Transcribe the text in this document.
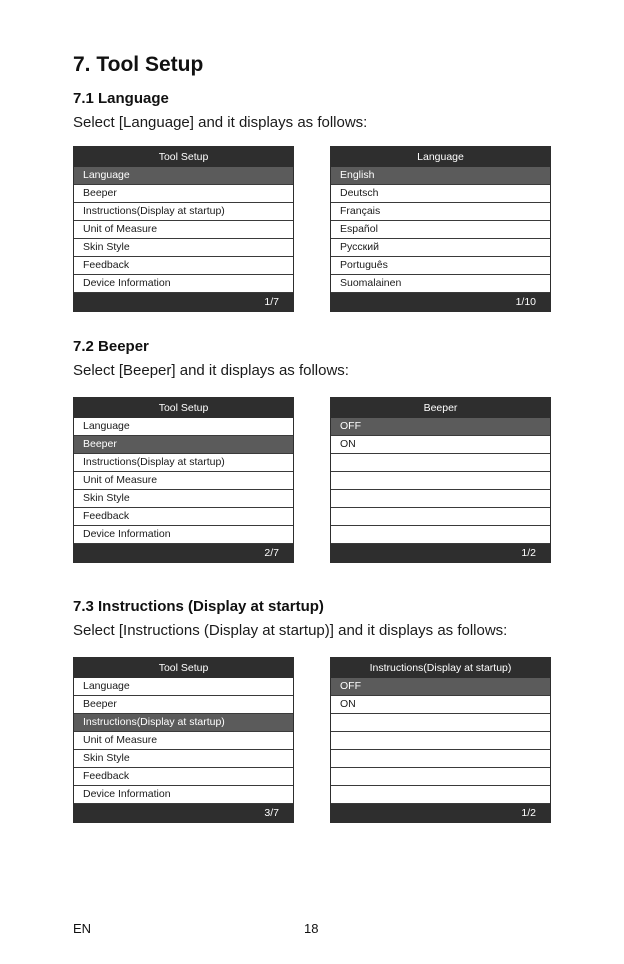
7. Tool Setup
7.1 Language
Select [Language] and it displays as follows:
Tool Setup
Language
Beeper
Instructions(Display at startup)
Unit of Measure
Skin Style
Feedback
Device Information
1/7
Language
English
Deutsch
Français
Español
Русский
Português
Suomalainen
1/10
7.2 Beeper
Select [Beeper] and it displays as follows:
Tool Setup
Language
Beeper
Instructions(Display at startup)
Unit of Measure
Skin Style
Feedback
Device Information
2/7
Beeper
OFF
ON
1/2
7.3 Instructions (Display at startup)
Select [Instructions (Display at startup)] and it displays as follows:
Tool Setup
Language
Beeper
Instructions(Display at startup)
Unit of Measure
Skin Style
Feedback
Device Information
3/7
Instructions(Display at startup)
OFF
ON
1/2
EN	18
